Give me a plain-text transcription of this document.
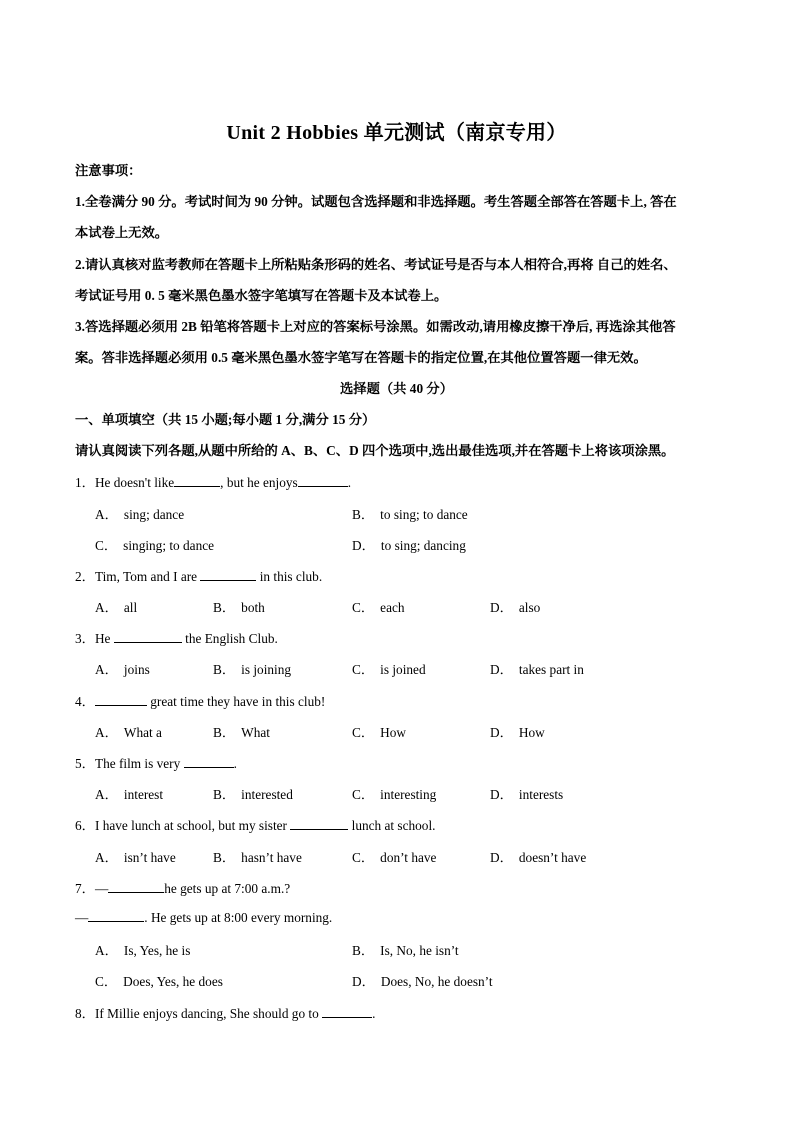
Unit 2 Hobbies 单元测试（南京专用）
注意事项：
1.全卷满分 90 分。考试时间为 90 分钟。试题包含选择题和非选择题。考生答题全部答在答题卡上, 答在
本试卷上无效。
2.请认真核对监考教师在答题卡上所粘贴条形码的姓名、考试证号是否与本人相符合,再将 自己的姓名、
考试证号用 0. 5 毫米黑色墨水签字笔填写在答题卡及本试卷上。
3.答选择题必须用 2B 铅笔将答题卡上对应的答案标号涂黑。如需改动,请用橡皮擦干净后, 再选涂其他答
案。答非选择题必须用 0.5 毫米黑色墨水签字笔写在答题卡的指定位置,在其他位置答题一律无效。
选择题（共 40 分）
一、单项填空（共 15 小题;每小题 1 分,满分 15 分）
请认真阅读下列各题,从题中所给的 A、B、C、D 四个选项中,选出最佳选项,并在答题卡上将该项涂黑。
1．He doesn't like	, but he enjoys	.
A． sing; dance	B． to sing; to dance
C． singing; to dance	D． to sing; dancing
2．Tim, Tom and I are	in this club.
A． all	B． both	C． each	D． also
3．He	the English Club.
A． joins	B． is joining	C． is joined	D． takes part in
4．	great time they have in this club!
A． What a	B． What	C． How	D． How
5．The film is very	.
A． interest	B． interested	C． interesting	D． interests
6．I have lunch at school, but my sister	lunch at school.
A． isn’t have	B． hasn’t have	C． don’t have	D． doesn’t have
7．—	he gets up at 7:00 a.m.?
—	. He gets up at 8:00 every morning.
A． Is, Yes, he is	B． Is, No, he isn’t
C． Does, Yes, he does	D． Does, No, he doesn’t
8．If Millie enjoys dancing, She should go to	.
